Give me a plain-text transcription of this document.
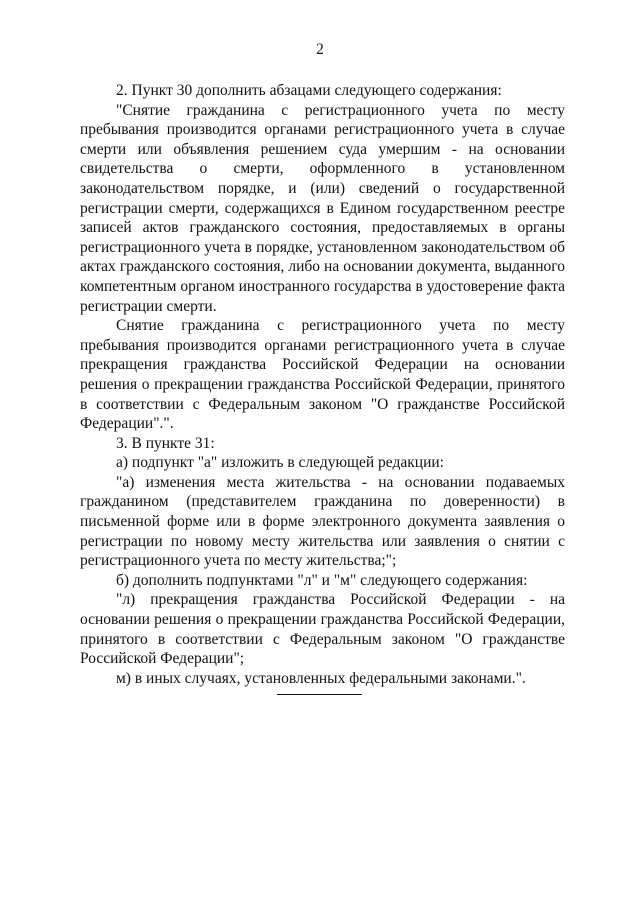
2

2. Пункт 30 дополнить абзацами следующего содержания:

"Снятие гражданина с регистрационного учета по месту пребывания производится органами регистрационного учета в случае смерти или объявления решением суда умершим - на основании свидетельства о смерти, оформленного в установленном законодательством порядке, и (или) сведений о государственной регистрации смерти, содержащихся в Едином государственном реестре записей актов гражданского состояния, предоставляемых в органы регистрационного учета в порядке, установленном законодательством об актах гражданского состояния, либо на основании документа, выданного компетентным органом иностранного государства в удостоверение факта регистрации смерти.

Снятие гражданина с регистрационного учета по месту пребывания производится органами регистрационного учета в случае прекращения гражданства Российской Федерации на основании решения о прекращении гражданства Российской Федерации, принятого в соответствии с Федеральным законом "О гражданстве Российской Федерации".".

3. В пункте 31:

а) подпункт "а" изложить в следующей редакции:

"а) изменения места жительства - на основании подаваемых гражданином (представителем гражданина по доверенности) в письменной форме или в форме электронного документа заявления о регистрации по новому месту жительства или заявления о снятии с регистрационного учета по месту жительства;";

б) дополнить подпунктами "л" и "м" следующего содержания:

"л) прекращения гражданства Российской Федерации - на основании решения о прекращении гражданства Российской Федерации, принятого в соответствии с Федеральным законом "О гражданстве Российской Федерации";

м) в иных случаях, установленных федеральными законами.".
